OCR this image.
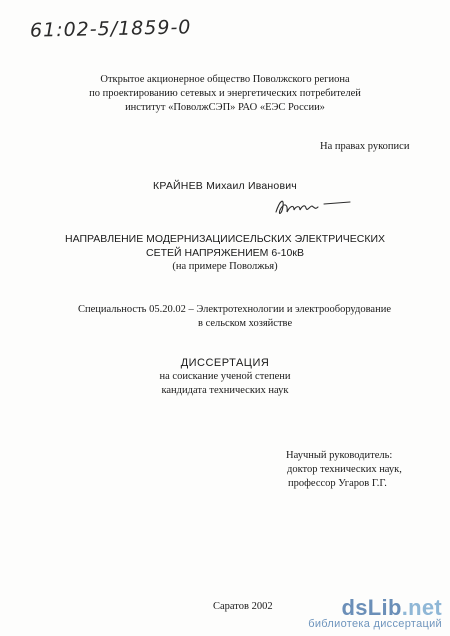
61:02-5/1859-0
Открытое акционерное общество Поволжского региона
по проектированию сетевых и энергетических потребителей
институт «ПоволжСЭП» РАО «ЕЭС России»
На правах рукописи
КРАЙНЕВ Михаил Иванович
НАПРАВЛЕНИЕ МОДЕРНИЗАЦИИСЕЛЬСКИХ ЭЛЕКТРИЧЕСКИХ
СЕТЕЙ НАПРЯЖЕНИЕМ 6-10кВ
(на примере Поволжья)
Специальность 05.20.02 – Электротехнологии и электрооборудование
в сельском хозяйстве
ДИССЕРТАЦИЯ
на соискание ученой степени
кандидата технических наук
Научный руководитель:
доктор технических наук,
профессор Угаров Г.Г.
Саратов 2002	dsLib.net
библиотека диссертаций
